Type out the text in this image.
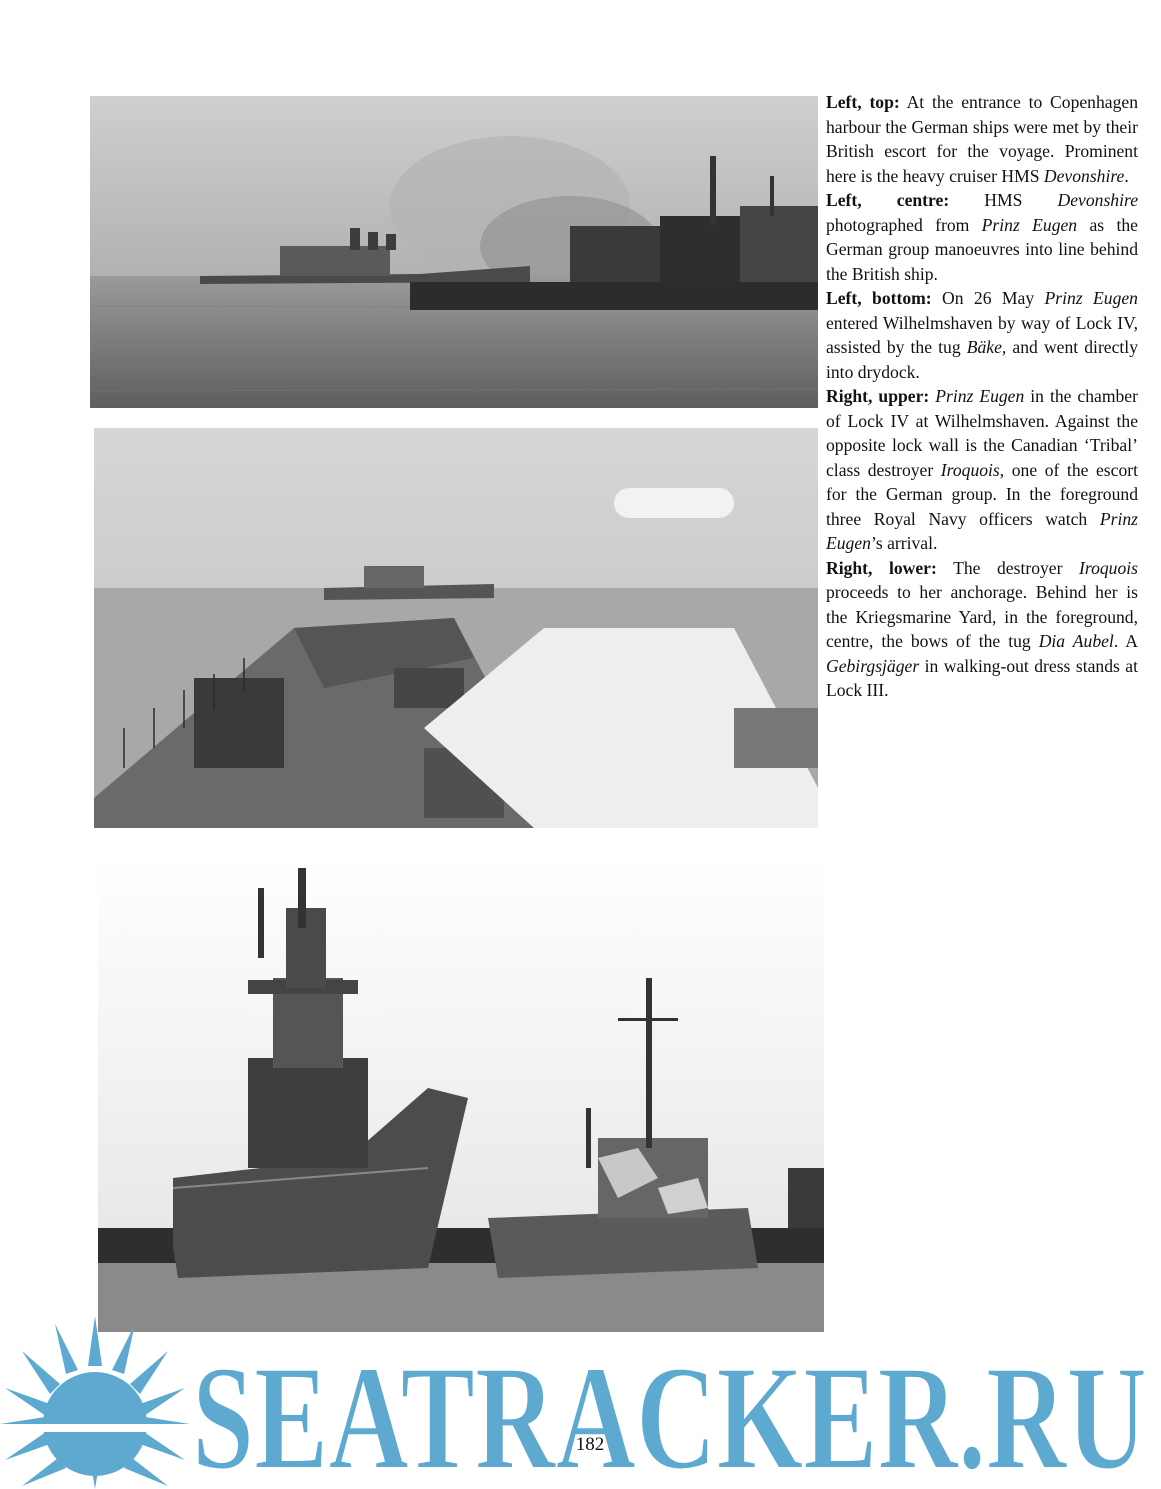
Left, top: At the entrance to Copenhagen harbour the German ships were met by their British escort for the voyage. Prominent here is the heavy cruiser HMS Devonshire.

Left, centre: HMS Devonshire photographed from Prinz Eugen as the German group manoeuvres into line behind the British ship.

Left, bottom: On 26 May Prinz Eugen entered Wilhelmshaven by way of Lock IV, assisted by the tug Bäke, and went directly into drydock.

Right, upper: Prinz Eugen in the chamber of Lock IV at Wilhelmshaven. Against the opposite lock wall is the Canadian ‘Tribal’ class destroyer Iroquois, one of the escort for the German group. In the foreground three Royal Navy officers watch Prinz Eugen’s arrival.

Right, lower: The destroyer Iroquois proceeds to her anchorage. Behind her is the Kriegsmarine Yard, in the foreground, centre, the bows of the tug Dia Aubel. A Gebirgsjäger in walking-out dress stands at Lock III.

SEATRACKER.RU
182
